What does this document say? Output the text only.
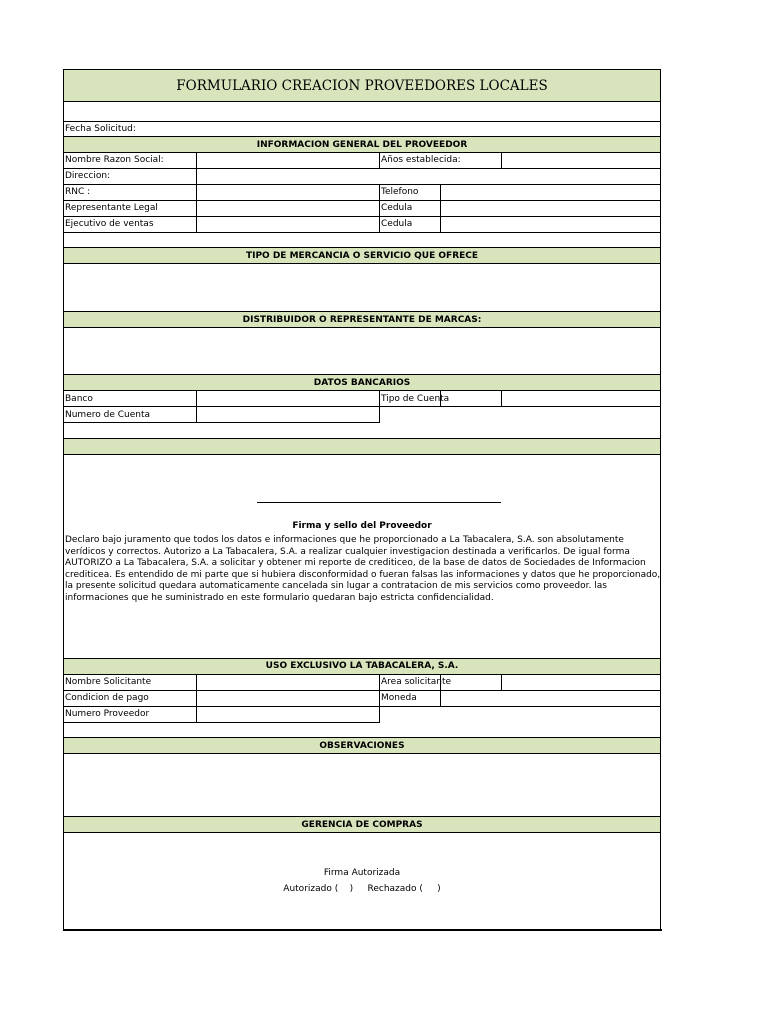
FORMULARIO CREACION PROVEEDORES LOCALES
Fecha Solicitud:
INFORMACION GENERAL DEL PROVEEDOR
Nombre Razon Social:	Años establecida:
Direccion:
RNC :	Telefono
Representante Legal	Cedula
Ejecutivo de ventas	Cedula
TIPO DE MERCANCIA O SERVICIO QUE OFRECE
DISTRIBUIDOR O REPRESENTANTE DE MARCAS:
DATOS BANCARIOS
Banco	Tipo de Cuenta
Numero de Cuenta
Firma y sello del Proveedor
Declaro bajo juramento que todos los datos e informaciones que he proporcionado a La Tabacalera, S.A. son absolutamente verídicos y correctos. Autorizo a La Tabacalera, S.A. a realizar cualquier investigacion destinada a verificarlos. De igual forma AUTORIZO a La Tabacalera, S.A. a solicitar y obtener mi reporte de crediticeo, de la base de datos de Sociedades de Informacion crediticea. Es entendido de mi parte que si hubiera disconformidad o fueran falsas las informaciones y datos que he proporcionado, la presente solicitud quedara automaticamente cancelada sin lugar a contratacion de mis servicios como proveedor. las informaciones que he suministrado en este formulario quedaran bajo estricta confidencialidad.
USO EXCLUSIVO LA TABACALERA, S.A.
Nombre Solicitante	Area solicitante
Condicion de pago	Moneda
Numero Proveedor
OBSERVACIONES
GERENCIA DE COMPRAS
Firma Autorizada
Autorizado (    )     Rechazado (     )
